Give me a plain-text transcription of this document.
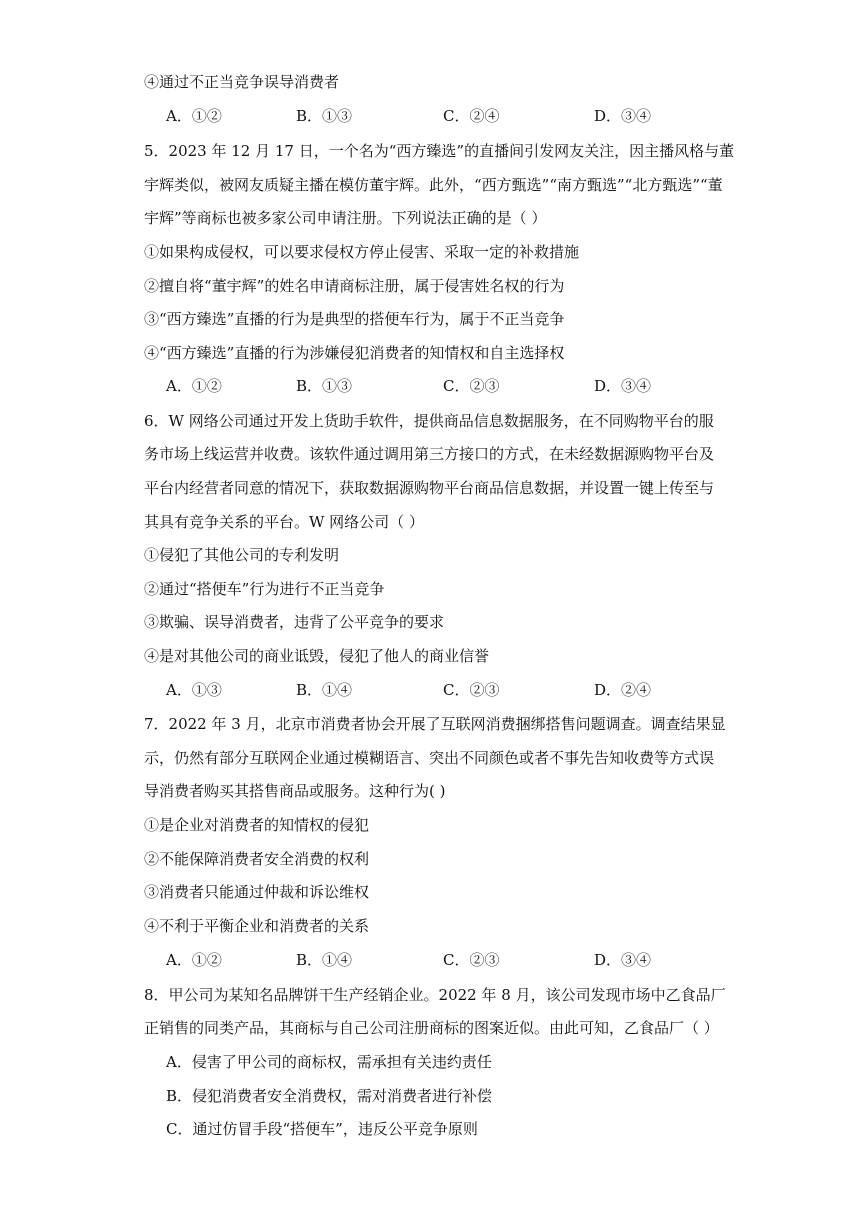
④通过不正当竞争误导消费者
A．①②	B．①③	C．②④	D．③④
5．2023 年 12 月 17 日，一个名为“西方臻选”的直播间引发网友关注，因主播风格与董
宇辉类似，被网友质疑主播在模仿董宇辉。此外，“西方甄选”“南方甄选”“北方甄选”“董
宇辉”等商标也被多家公司申请注册。下列说法正确的是（ ）
①如果构成侵权，可以要求侵权方停止侵害、采取一定的补救措施
②擅自将“董宇辉”的姓名申请商标注册，属于侵害姓名权的行为
③“西方臻选”直播的行为是典型的搭便车行为，属于不正当竞争
④“西方臻选”直播的行为涉嫌侵犯消费者的知情权和自主选择权
A．①②	B．①③	C．②③	D．③④
6．W 网络公司通过开发上货助手软件，提供商品信息数据服务，在不同购物平台的服
务市场上线运营并收费。该软件通过调用第三方接口的方式，在未经数据源购物平台及
平台内经营者同意的情况下，获取数据源购物平台商品信息数据，并设置一键上传至与
其具有竞争关系的平台。W 网络公司（ ）
①侵犯了其他公司的专利发明
②通过“搭便车”行为进行不正当竞争
③欺骗、误导消费者，违背了公平竞争的要求
④是对其他公司的商业诋毁，侵犯了他人的商业信誉
A．①③	B．①④	C．②③	D．②④
7．2022 年 3 月，北京市消费者协会开展了互联网消费捆绑搭售问题调查。调查结果显
示，仍然有部分互联网企业通过模糊语言、突出不同颜色或者不事先告知收费等方式误
导消费者购买其搭售商品或服务。这种行为( )
①是企业对消费者的知情权的侵犯
②不能保障消费者安全消费的权利
③消费者只能通过仲裁和诉讼维权
④不利于平衡企业和消费者的关系
A．①②	B．①④	C．②③	D．③④
8．甲公司为某知名品牌饼干生产经销企业。2022 年 8 月，该公司发现市场中乙食品厂
正销售的同类产品，其商标与自己公司注册商标的图案近似。由此可知，乙食品厂（ ）
A．侵害了甲公司的商标权，需承担有关违约责任
B．侵犯消费者安全消费权，需对消费者进行补偿
C．通过仿冒手段“搭便车”，违反公平竞争原则
